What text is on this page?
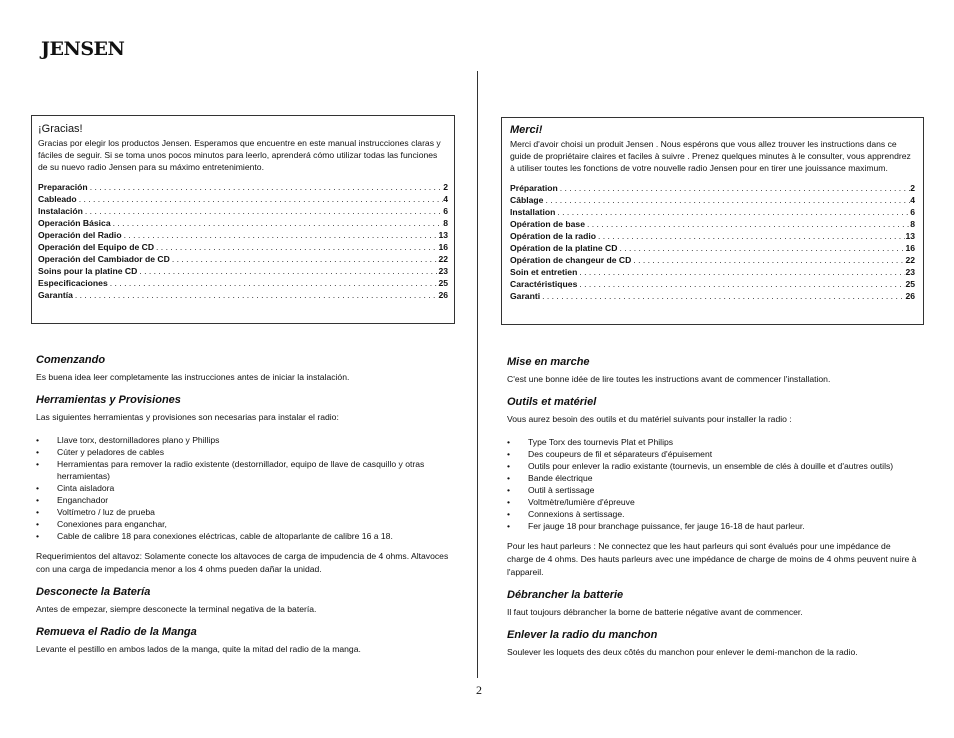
JENSEN
¡Gracias!

Gracias por elegir los productos Jensen. Esperamos que encuentre en este manual instrucciones claras y fáciles de seguir. Si se toma unos pocos minutos para leerlo, aprenderá cómo utilizar todas las funciones de su nuevo radio Jensen para su máximo entretenimiento.

Preparación . . .	2
Cableado . . .	4
Instalación . . .	6
Operación Básica . . .	8
Operación del Radio . . .	13
Operación del Equipo de CD . . .	16
Operación del Cambiador de CD . . .	22
Soins pour la platine CD . . .	23
Especificaciones . . .	25
Garantía . . .	26
Merci!

Merci d'avoir choisi un produit Jensen . Nous espérons que vous allez trouver les instructions dans ce guide de propriétaire claires et faciles à suivre . Prenez quelques minutes à le consulter, vous apprendrez à utiliser toutes les fonctions de votre nouvelle radio Jensen pour en tirer une jouissance maximum.

Préparation . . .	2
Câblage . . .	4
Installation . . .	6
Opération de base . . .	8
Opération de la radio . . .	13
Opération de la platine CD . . .	16
Opération de changeur de CD . . .	22
Soin et entretien . . .	23
Caractéristiques . . .	25
Garanti . . .	26
Comenzando

Es buena idea leer completamente las instrucciones antes de iniciar la instalación.

Herramientas y Provisiones

Las siguientes herramientas y provisiones son necesarias para instalar el radio:

• Llave torx, destornilladores plano y Phillips
• Cúter y peladores de cables
• Herramientas para remover la radio existente (destornillador, equipo de llave de casquillo y otras herramientas)
• Cinta aisladora
• Enganchador
• Voltímetro / luz de prueba
• Conexiones para enganchar,
• Cable de calibre 18 para conexiones eléctricas, cable de altoparlante de calibre 16 a 18.

Requerimientos del altavoz: Solamente conecte los altavoces de carga de impudencia de 4 ohms. Altavoces con una carga de impedancia menor a los 4 ohms pueden dañar la unidad.

Desconecte la Batería

Antes de empezar, siempre desconecte la terminal negativa de la batería.

Remueva el Radio de la Manga

Levante el pestillo en ambos lados de la manga, quite la mitad del radio de la manga.

Mise en marche

C'est une bonne idée de lire toutes les instructions avant de commencer l'installation.

Outils et matériel

Vous aurez besoin des outils et du matériel suivants pour installer la radio :

• Type Torx des tournevis Plat et Philips
• Des coupeurs de fil et séparateurs d'épuisement
• Outils pour enlever la radio existante (tournevis, un ensemble de clés à douille et d'autres outils)
• Bande électrique
• Outil à sertissage
• Voltmètre/lumière d'épreuve
• Connexions à sertissage.
• Fer jauge 18 pour branchage puissance, fer jauge 16-18 de haut parleur.

Pour les haut parleurs : Ne connectez que les haut parleurs qui sont évalués pour une impédance de charge de 4 ohms. Des hauts parleurs avec une impédance de charge de moins de 4 ohms peuvent nuire à l'appareil.

Débrancher la batterie

Il faut toujours débrancher la borne de batterie négative avant de commencer.

Enlever la radio du manchon

Soulever les loquets des deux côtés du manchon pour enlever le demi-manchon de la radio.

2
